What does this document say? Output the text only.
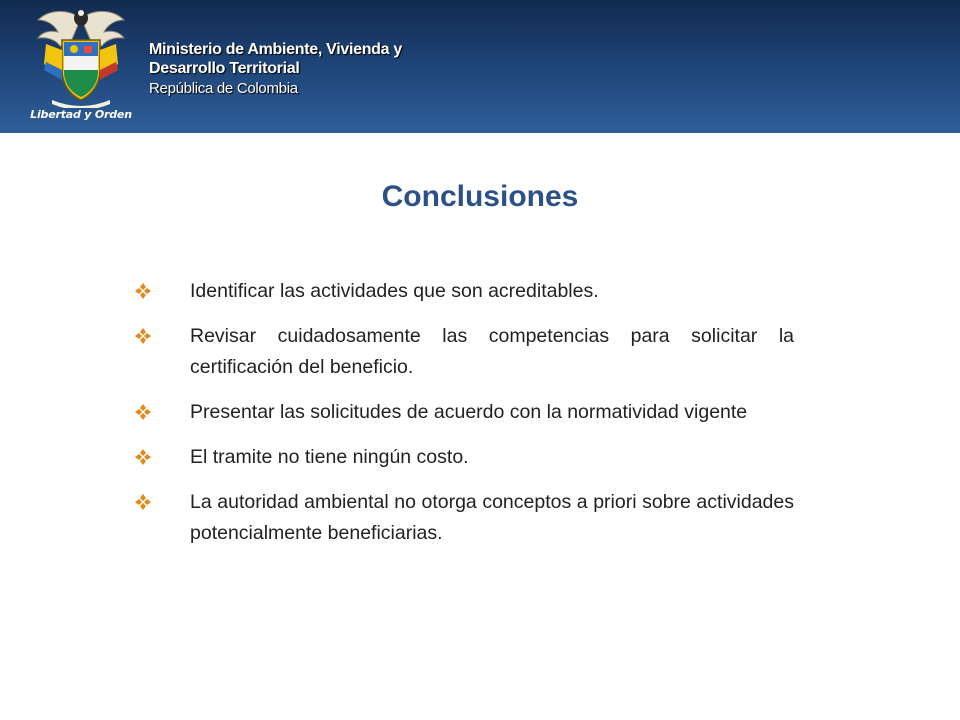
Libertad y Orden
Ministerio de Ambiente, Vivienda y
Desarrollo Territorial
República de Colombia
Conclusiones
Identificar las actividades que son acreditables.
Revisar cuidadosamente las competencias para solicitar la certificación del beneficio.
Presentar las solicitudes de acuerdo con la normatividad vigente
El tramite no tiene ningún costo.
La autoridad ambiental no otorga conceptos a priori sobre actividades potencialmente beneficiarias.
